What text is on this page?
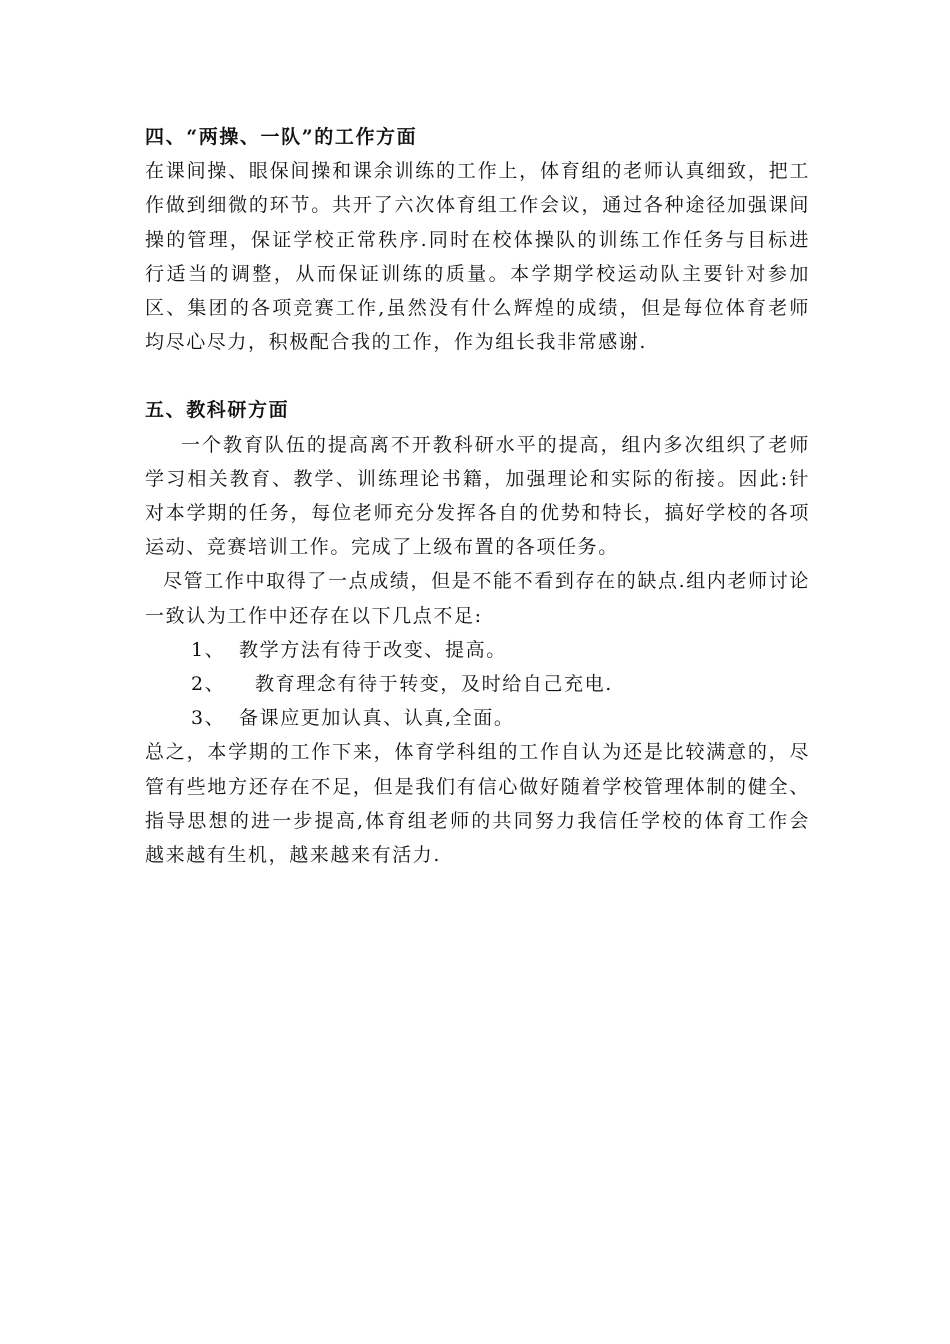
四、“两操、一队”的工作方面

在课间操、眼保间操和课余训练的工作上，体育组的老师认真细致，把工作做到细微的环节。共开了六次体育组工作会议，通过各种途径加强课间操的管理，保证学校正常秩序.同时在校体操队的训练工作任务与目标进行适当的调整，从而保证训练的质量。本学期学校运动队主要针对参加区、集团的各项竞赛工作,虽然没有什么辉煌的成绩，但是每位体育老师均尽心尽力，积极配合我的工作，作为组长我非常感谢.

五、教科研方面

一个教育队伍的提高离不开教科研水平的提高，组内多次组织了老师学习相关教育、教学、训练理论书籍，加强理论和实际的衔接。因此:针对本学期的任务，每位老师充分发挥各自的优势和特长，搞好学校的各项运动、竞赛培训工作。完成了上级布置的各项任务。

尽管工作中取得了一点成绩，但是不能不看到存在的缺点.组内老师讨论一致认为工作中还存在以下几点不足:

1、 教学方法有待于改变、提高。

2、 教育理念有待于转变，及时给自己充电.

3、 备课应更加认真、认真,全面。

总之，本学期的工作下来，体育学科组的工作自认为还是比较满意的，尽管有些地方还存在不足，但是我们有信心做好随着学校管理体制的健全、指导思想的进一步提高,体育组老师的共同努力我信任学校的体育工作会越来越有生机，越来越来有活力.
